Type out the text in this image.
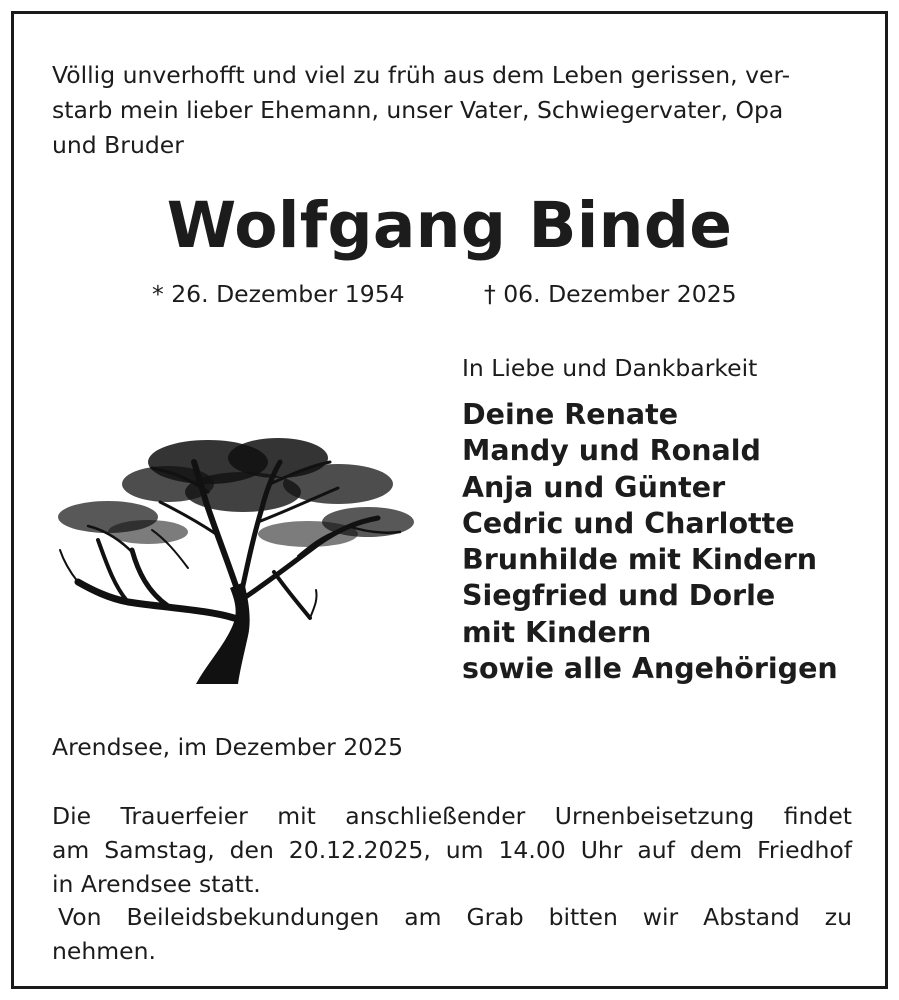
Völlig unverhofft und viel zu früh aus dem Leben gerissen, ver-
starb mein lieber Ehemann, unser Vater, Schwiegervater, Opa
und Bruder
Wolfgang Binde
* 26. Dezember 1954	† 06. Dezember 2025
In Liebe und Dankbarkeit
Deine Renate
Mandy und Ronald
Anja und Günter
Cedric und Charlotte
Brunhilde mit Kindern
Siegfried und Dorle
mit Kindern
sowie alle Angehörigen
Arendsee, im Dezember 2025
Die Trauerfeier mit anschließender Urnenbeisetzung findet
am Samstag, den 20.12.2025, um 14.00 Uhr auf dem Friedhof
in Arendsee statt.
Von Beileidsbekundungen am Grab bitten wir Abstand zu
nehmen.
